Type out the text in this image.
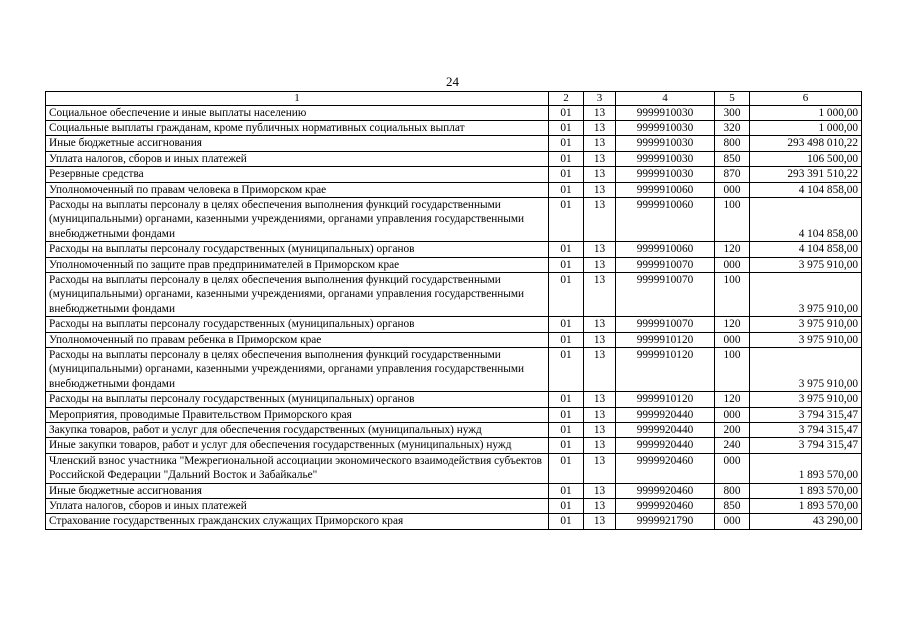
24
1	2	3	4	5	6
Социальное обеспечение и иные выплаты населению	01	13	9999910030	300	1 000,00
Социальные выплаты гражданам, кроме публичных нормативных социальных выплат	01	13	9999910030	320	1 000,00
Иные бюджетные ассигнования	01	13	9999910030	800	293 498 010,22
Уплата налогов, сборов и иных платежей	01	13	9999910030	850	106 500,00
Резервные средства	01	13	9999910030	870	293 391 510,22
Уполномоченный по правам человека в Приморском крае	01	13	9999910060	000	4 104 858,00
Расходы на выплаты персоналу в целях обеспечения выполнения функций государственными (муниципальными) органами, казенными учреждениями, органами управления государственными внебюджетными фондами	01	13	9999910060	100	4 104 858,00
Расходы на выплаты персоналу государственных (муниципальных) органов	01	13	9999910060	120	4 104 858,00
Уполномоченный по защите прав предпринимателей в Приморском крае	01	13	9999910070	000	3 975 910,00
Расходы на выплаты персоналу в целях обеспечения выполнения функций государственными (муниципальными) органами, казенными учреждениями, органами управления государственными внебюджетными фондами	01	13	9999910070	100	3 975 910,00
Расходы на выплаты персоналу государственных (муниципальных) органов	01	13	9999910070	120	3 975 910,00
Уполномоченный по правам ребенка в Приморском крае	01	13	9999910120	000	3 975 910,00
Расходы на выплаты персоналу в целях обеспечения выполнения функций государственными (муниципальными) органами, казенными учреждениями, органами управления государственными внебюджетными фондами	01	13	9999910120	100	3 975 910,00
Расходы на выплаты персоналу государственных (муниципальных) органов	01	13	9999910120	120	3 975 910,00
Мероприятия, проводимые Правительством Приморского края	01	13	9999920440	000	3 794 315,47
Закупка товаров, работ и услуг для обеспечения государственных (муниципальных) нужд	01	13	9999920440	200	3 794 315,47
Иные закупки товаров, работ и услуг для обеспечения государственных (муниципальных) нужд	01	13	9999920440	240	3 794 315,47
Членский взнос участника "Межрегиональной ассоциации экономического взаимодействия субъектов Российской Федерации "Дальний Восток и Забайкалье"	01	13	9999920460	000	1 893 570,00
Иные бюджетные ассигнования	01	13	9999920460	800	1 893 570,00
Уплата налогов, сборов и иных платежей	01	13	9999920460	850	1 893 570,00
Страхование государственных гражданских служащих Приморского края	01	13	9999921790	000	43 290,00
